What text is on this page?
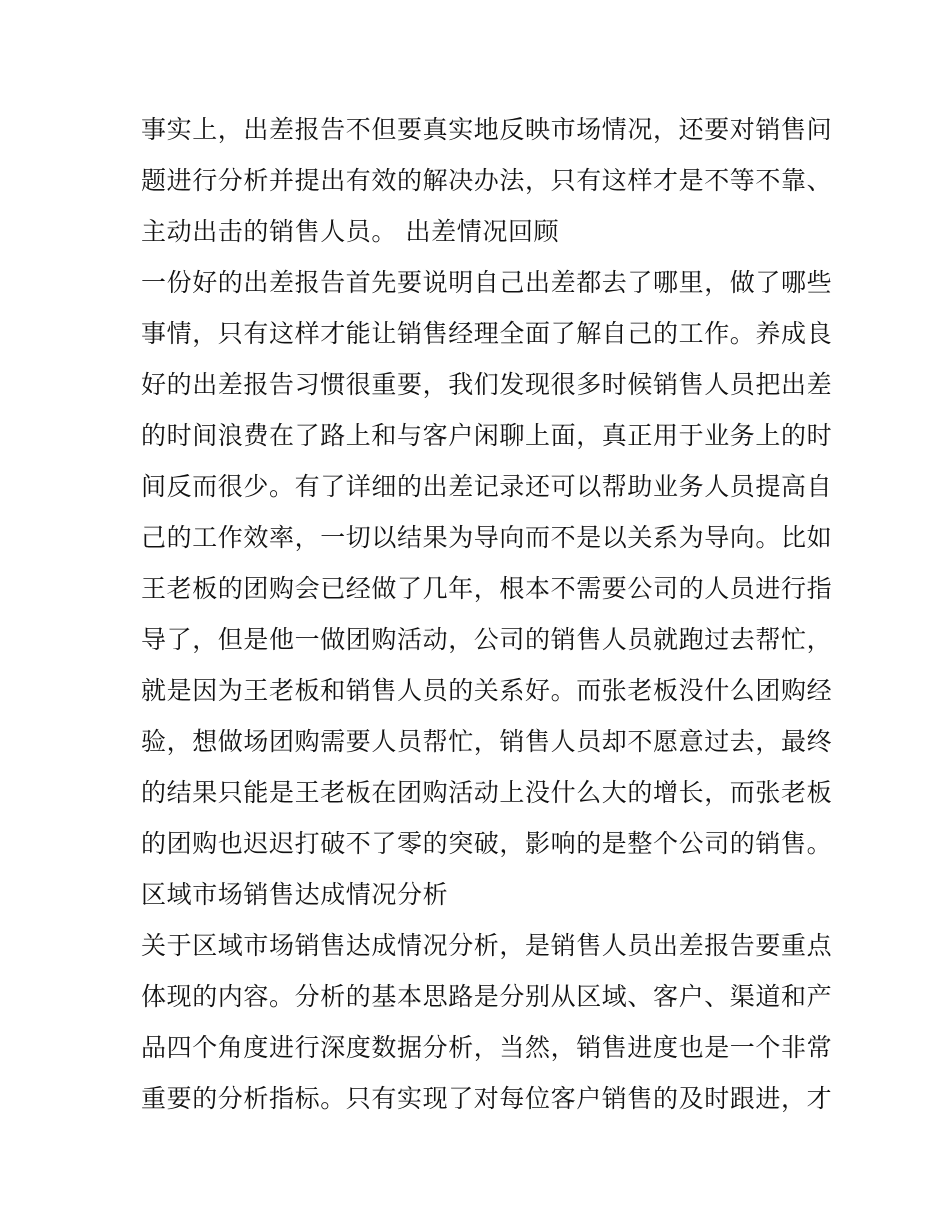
事实上，出差报告不但要真实地反映市场情况，还要对销售问
题进行分析并提出有效的解决办法，只有这样才是不等不靠、
主动出击的销售人员。 出差情况回顾
一份好的出差报告首先要说明自己出差都去了哪里，做了哪些
事情，只有这样才能让销售经理全面了解自己的工作。养成良
好的出差报告习惯很重要，我们发现很多时候销售人员把出差
的时间浪费在了路上和与客户闲聊上面，真正用于业务上的时
间反而很少。有了详细的出差记录还可以帮助业务人员提高自
己的工作效率，一切以结果为导向而不是以关系为导向。比如
王老板的团购会已经做了几年，根本不需要公司的人员进行指
导了，但是他一做团购活动，公司的销售人员就跑过去帮忙，
就是因为王老板和销售人员的关系好。而张老板没什么团购经
验，想做场团购需要人员帮忙，销售人员却不愿意过去，最终
的结果只能是王老板在团购活动上没什么大的增长，而张老板
的团购也迟迟打破不了零的突破，影响的是整个公司的销售。
区域市场销售达成情况分析
关于区域市场销售达成情况分析，是销售人员出差报告要重点
体现的内容。分析的基本思路是分别从区域、客户、渠道和产
品四个角度进行深度数据分析，当然，销售进度也是一个非常
重要的分析指标。只有实现了对每位客户销售的及时跟进，才
